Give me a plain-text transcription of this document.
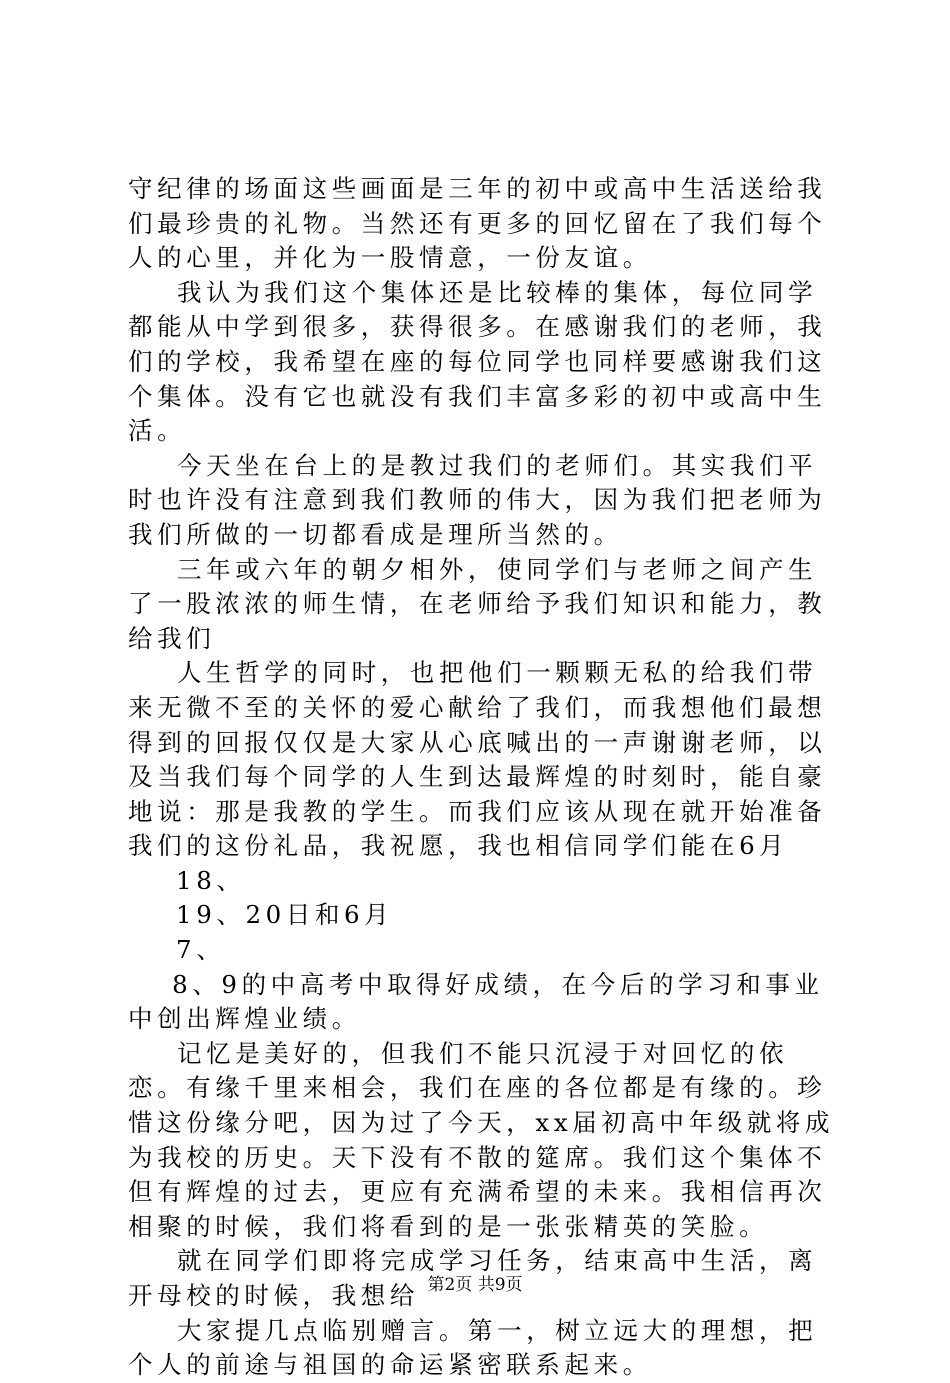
守纪律的场面这些画面是三年的初中或高中生活送给我们最珍贵的礼物。当然还有更多的回忆留在了我们每个人的心里，并化为一股情意，一份友谊。

我认为我们这个集体还是比较棒的集体，每位同学都能从中学到很多，获得很多。在感谢我们的老师，我们的学校，我希望在座的每位同学也同样要感谢我们这个集体。没有它也就没有我们丰富多彩的初中或高中生活。

今天坐在台上的是教过我们的老师们。其实我们平时也许没有注意到我们教师的伟大，因为我们把老师为我们所做的一切都看成是理所当然的。

三年或六年的朝夕相外，使同学们与老师之间产生了一股浓浓的师生情，在老师给予我们知识和能力，教给我们

人生哲学的同时，也把他们一颗颗无私的给我们带来无微不至的关怀的爱心献给了我们，而我想他们最想得到的回报仅仅是大家从心底喊出的一声谢谢老师，以及当我们每个同学的人生到达最辉煌的时刻时，能自豪地说：那是我教的学生。而我们应该从现在就开始准备我们的这份礼品，我祝愿，我也相信同学们能在6月

18、

19、20日和6月

7、

8、9的中高考中取得好成绩，在今后的学习和事业中创出辉煌业绩。

记忆是美好的，但我们不能只沉浸于对回忆的依恋。有缘千里来相会，我们在座的各位都是有缘的。珍惜这份缘分吧，因为过了今天，xx届初高中年级就将成为我校的历史。天下没有不散的筵席。我们这个集体不但有辉煌的过去，更应有充满希望的未来。我相信再次相聚的时候，我们将看到的是一张张精英的笑脸。

就在同学们即将完成学习任务，结束高中生活，离开母校的时候，我想给

大家提几点临别赠言。第一，树立远大的理想，把个人的前途与祖国的命运紧密联系起来。

第2页 共9页
